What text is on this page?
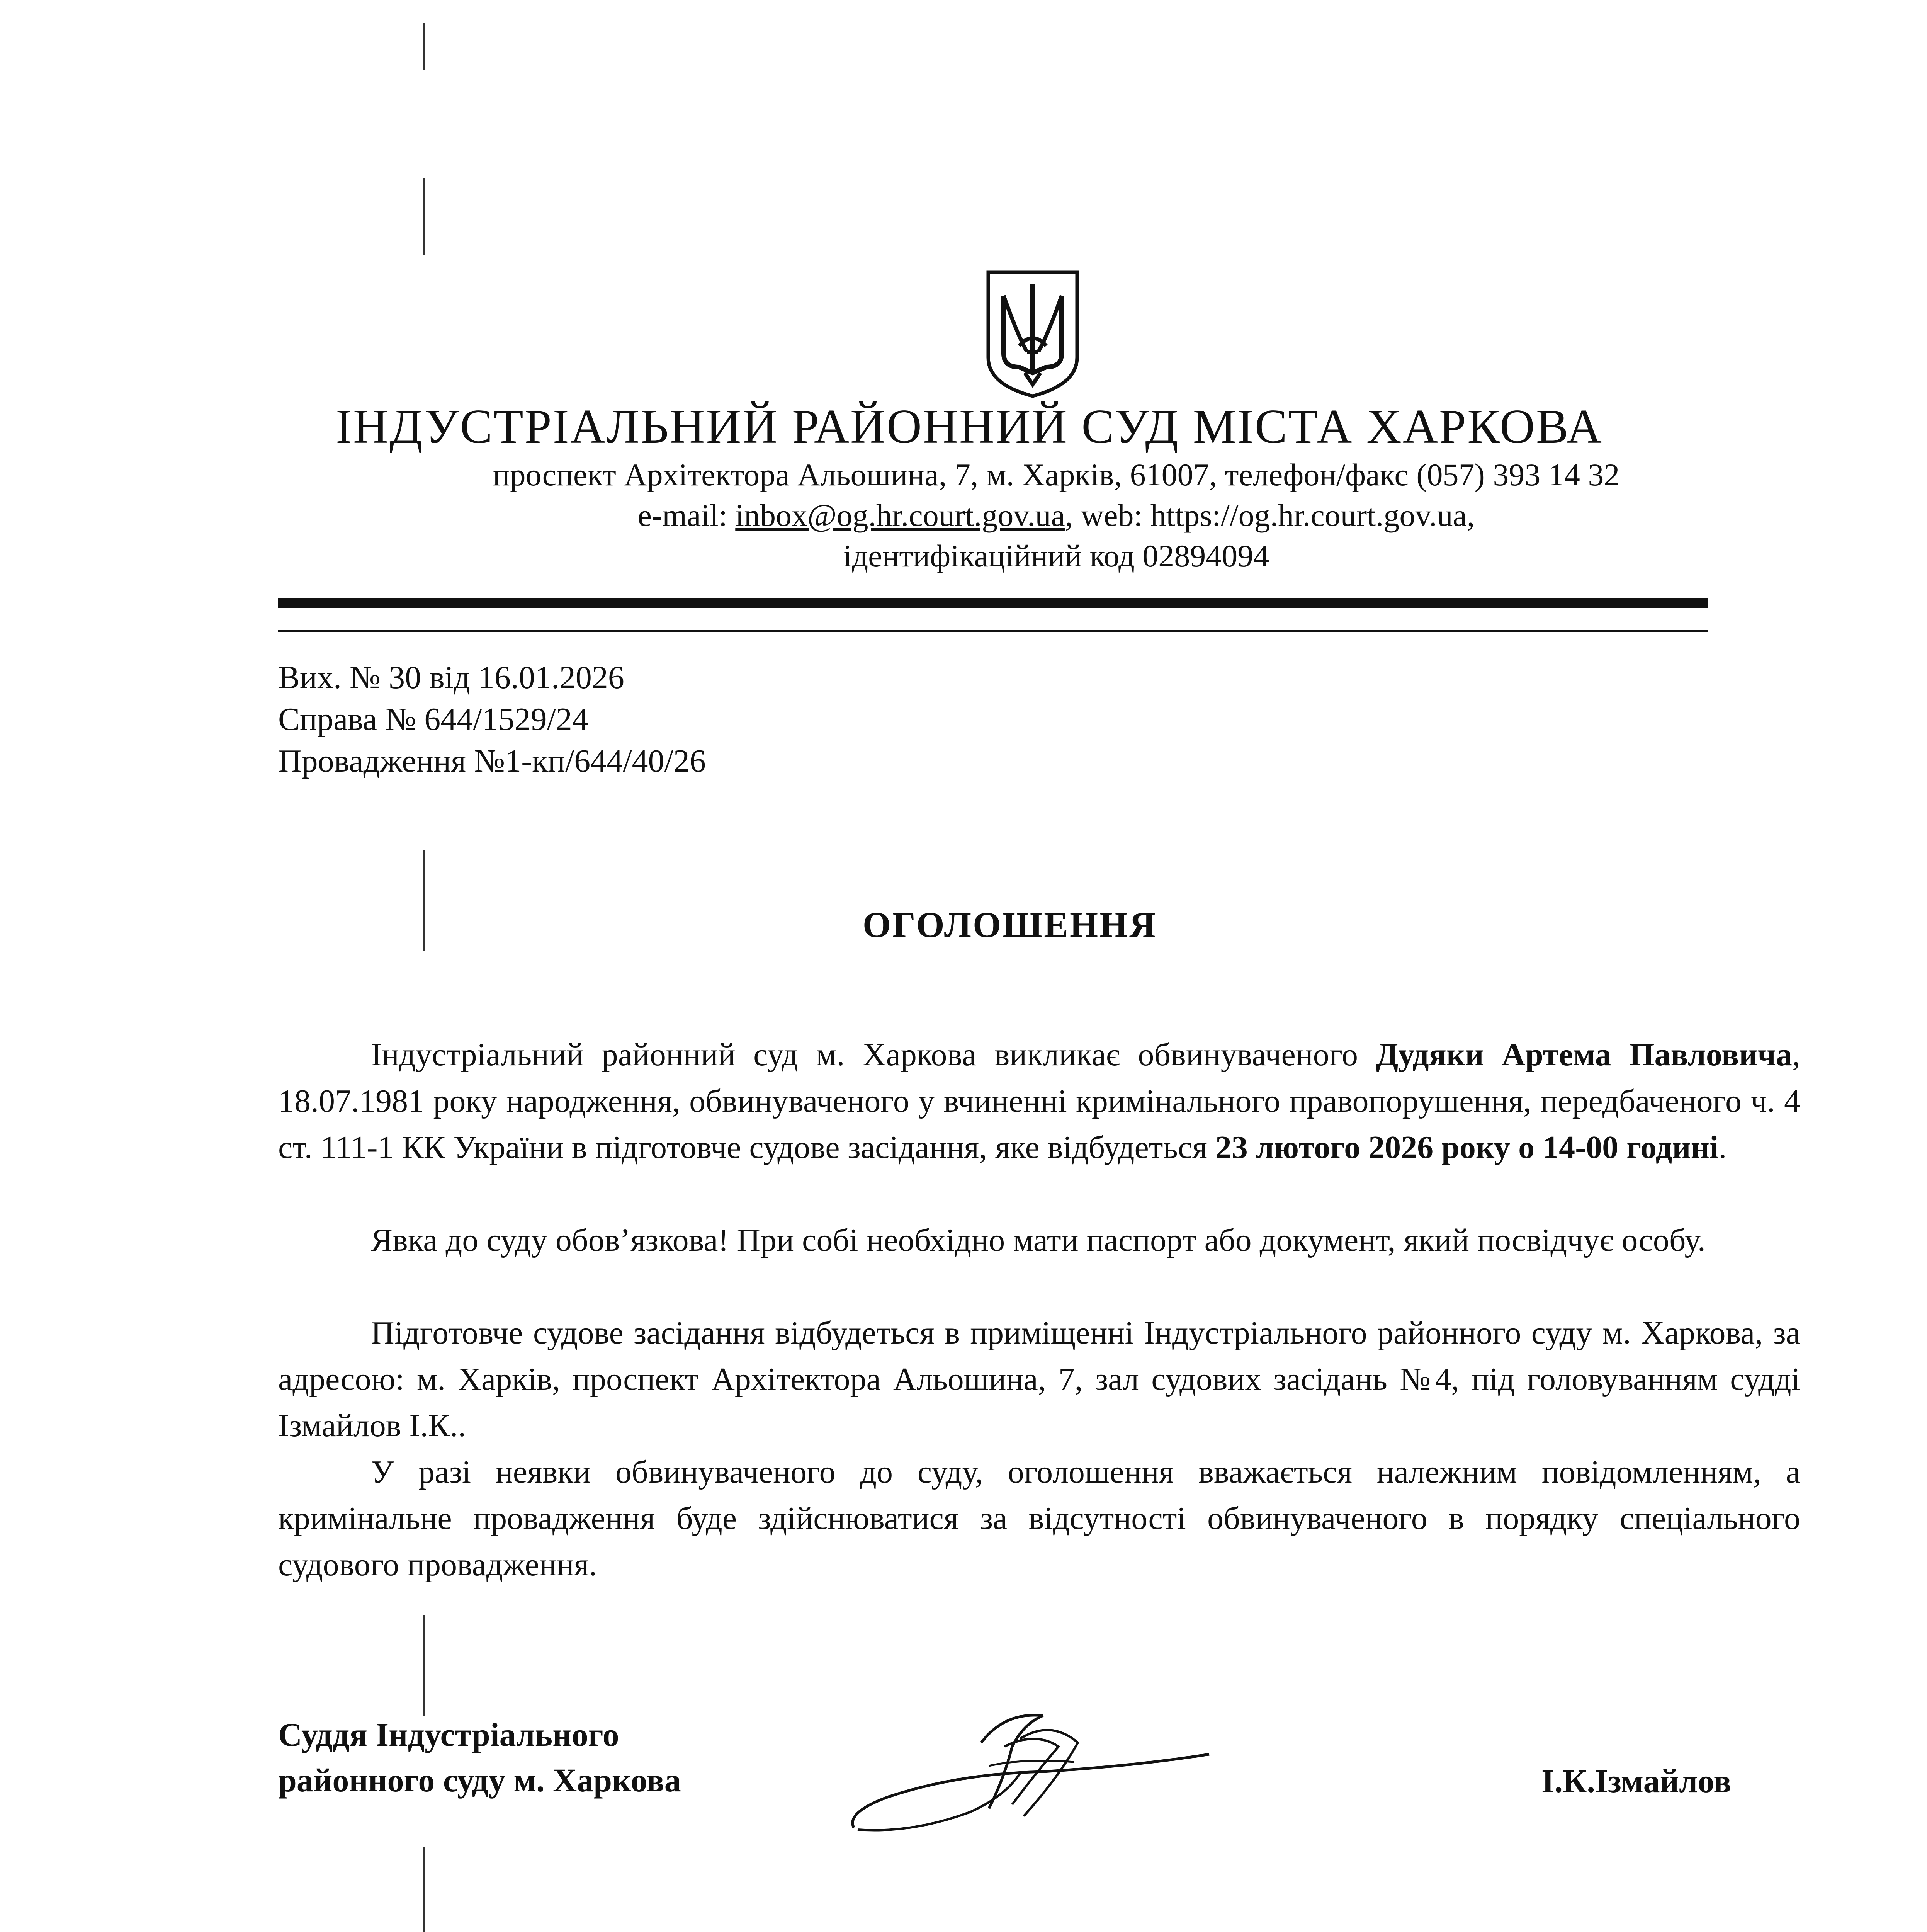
ІНДУСТРІАЛЬНИЙ РАЙОННИЙ СУД МІСТА ХАРКОВА
проспект Архітектора Альошина, 7, м. Харків, 61007, телефон/факс (057) 393 14 32
e-mail: inbox@og.hr.court.gov.ua, web: https://og.hr.court.gov.ua,
ідентифікаційний код 02894094
Вих. № 30 від 16.01.2026
Справа № 644/1529/24
Провадження №1-кп/644/40/26
ОГОЛОШЕННЯ

Індустріальний районний суд м. Харкова викликає обвинуваченого Дудяки Артема Павловича, 18.07.1981 року народження, обвинуваченого у вчиненні кримінального правопорушення, передбаченого ч. 4 ст. 111-1 КК України в підготовче судове засідання, яке відбудеться 23 лютого 2026 року о 14-00 годині.

Явка до суду обов’язкова! При собі необхідно мати паспорт або документ, який посвідчує особу.

Підготовче судове засідання відбудеться в приміщенні Індустріального районного суду м. Харкова, за адресою: м. Харків, проспект Архітектора Альошина, 7, зал судових засідань №4, під головуванням судді Ізмайлов І.К..

У разі неявки обвинуваченого до суду, оголошення вважається належним повідомленням, а кримінальне провадження буде здійснюватися за відсутності обвинуваченого в порядку спеціального судового провадження.

Суддя Індустріального
районного суду м. Харкова	І.К.Ізмайлов
